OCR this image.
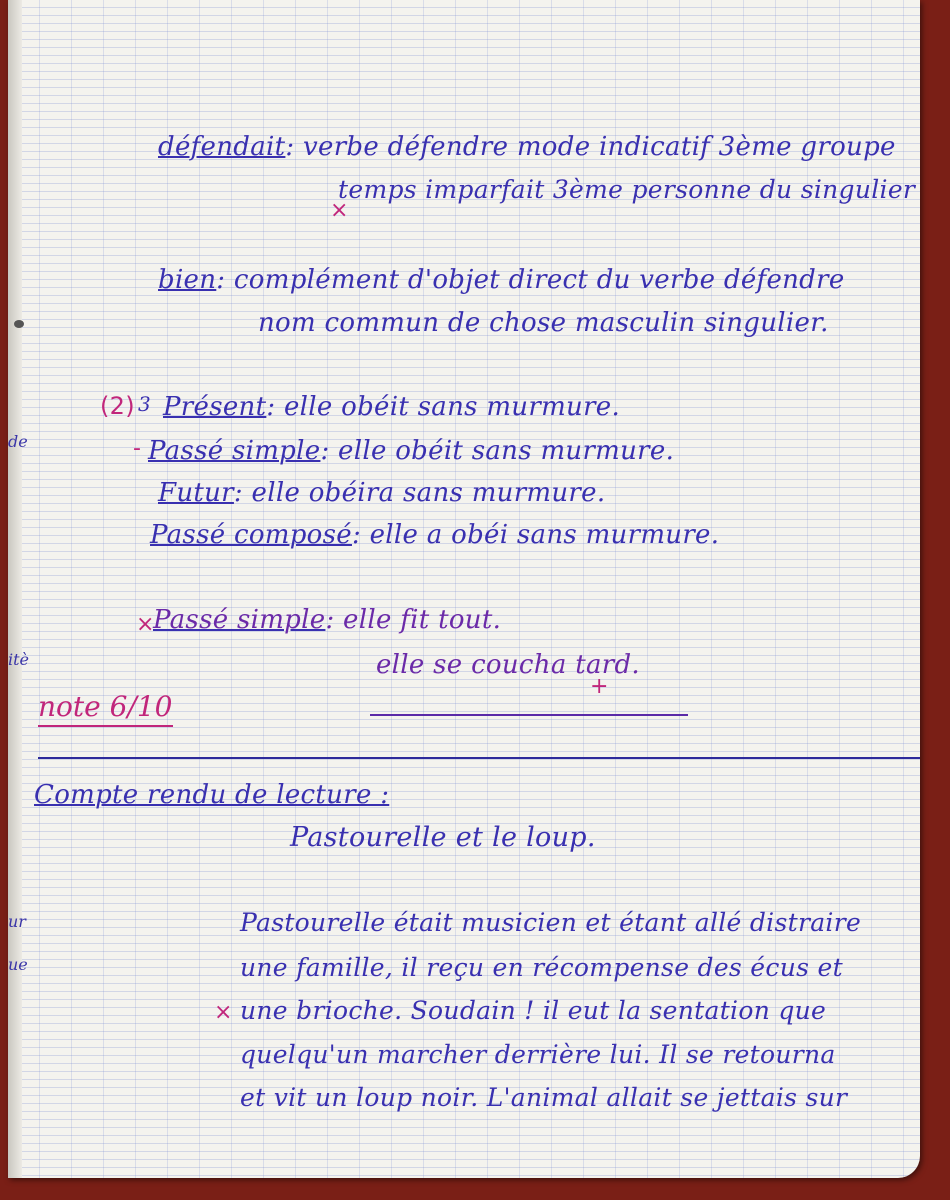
de
itè
ur
ue
défendait: verbe défendre mode indicatif 3ème groupe
×
temps imparfait 3ème personne du singulier
bien: complément d'objet direct du verbe défendre
nom commun de chose masculin singulier.
(2) 3 Présent: elle obéit sans murmure.
- Passé simple: elle obéit sans murmure.
Futur: elle obéira sans murmure.
Passé composé: elle a obéi sans murmure.
×
Passé simple: elle fit tout.
elle se coucha tard.
+
note 6/10
Compte rendu de lecture :
Pastourelle et le loup.
Pastourelle était musicien et étant allé distraire
une famille, il reçu en récompense des écus et
× une brioche. Soudain ! il eut la sentation que
quelqu'un marcher derrière lui. Il se retourna
et vit un loup noir. L'animal allait se jettais sur
